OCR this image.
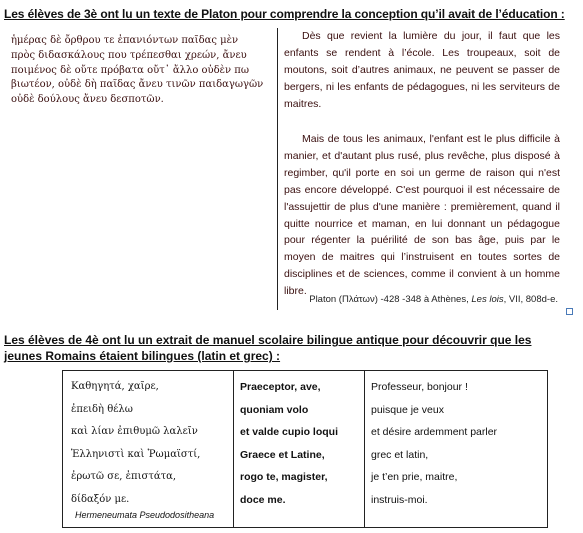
Les élèves de 3è ont lu un texte de Platon pour comprendre la conception qu’il avait de l’éducation :
ἡμέρας δὲ ὄρθρου τε ἐπανιόντων παῖδας μὲν
πρὸς διδασκάλους που τρέπεσθαι χρεών, ἄνευ
ποιμένος δὲ οὔτε πρόβατα οὔτ᾽ ἄλλο οὐδὲν πω
βιωτέον, οὐδὲ δὴ παῖδας ἄνευ τινῶν παιδαγωγῶν
οὐδὲ δούλους ἄνευ δεσποτῶν.

Dès que revient la lumière du jour, il faut que les enfants se rendent à l’école. Les troupeaux, soit de moutons, soit d’autres animaux, ne peuvent se passer de bergers, ni les enfants de pédagogues, ni les serviteurs de maitres.

Mais de tous les animaux, l'enfant est le plus difficile à manier, et d'autant plus rusé, plus revêche, plus disposé à regimber, qu'il porte en soi un germe de raison qui n'est pas encore développé. C'est pourquoi il est nécessaire de l'assujettir de plus d'une manière : premièrement, quand il quitte nourrice et maman, en lui donnant un pédagogue pour régenter la puérilité de son bas âge, puis par le moyen de maitres qui l’instruisent en toutes sortes de disciplines et de sciences, comme il convient à un homme libre.

Platon (Πλάτων) -428 -348 à Athènes, Les lois, VII, 808d-e.

Les élèves de 4è ont lu un extrait de manuel scolaire bilingue antique pour découvrir que les jeunes Romains étaient bilingues (latin et grec) :

Καθηγητά, χαῖρε,
ἐπειδὴ θέλω
καὶ λίαν ἐπιθυμῶ λαλεῖν
Ἑλληνιστὶ καὶ Ῥωμαϊστί,
ἐρωτῶ σε, ἐπιστάτα,
δίδαξόν με.
Hermeneumata Pseudodositheana
Praeceptor, ave,
quoniam volo
et valde cupio loqui
Graece et Latine,
rogo te, magister,
doce me.
Professeur, bonjour !
puisque je veux
et désire ardemment parler
grec et latin,
je t’en prie, maitre,
instruis-moi.
